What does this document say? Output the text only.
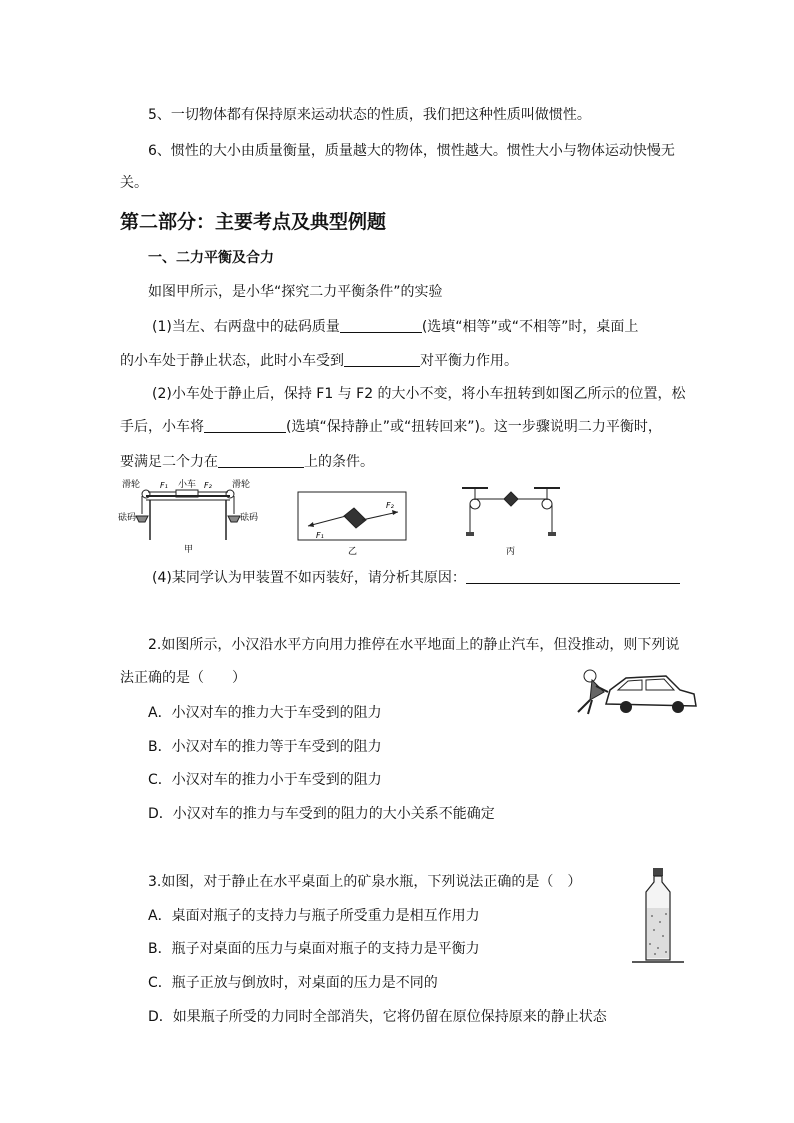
5、一切物体都有保持原来运动状态的性质，我们把这种性质叫做惯性。
6、惯性的大小由质量衡量，质量越大的物体，惯性越大。惯性大小与物体运动快慢无
关。
第二部分：主要考点及典型例题
一、二力平衡及合力
如图甲所示，是小华“探究二力平衡条件”的实验
(1)当左、右两盘中的砝码质量	(选填“相等”或“不相等”时，桌面上
的小车处于静止状态，此时小车受到	对平衡力作用。
(2)小车处于静止后，保持 F1 与 F2 的大小不变，将小车扭转到如图乙所示的位置，松
手后，小车将	(选填“保持静止”或“扭转回来”)。这一步骤说明二力平衡时，
要满足二个力在	上的条件。
滑轮	滑轮
小车
F₁	F₂
砝码	砝码
甲
F₁
F₂
乙	丙
(4)某同学认为甲装置不如丙装好，请分析其原因：
2.如图所示，小汉沿水平方向用力推停在水平地面上的静止汽车，但没推动，则下列说
法正确的是（　　）
A．小汉对车的推力大于车受到的阻力
B．小汉对车的推力等于车受到的阻力
C．小汉对车的推力小于车受到的阻力
D．小汉对车的推力与车受到的阻力的大小关系不能确定
3.如图，对于静止在水平桌面上的矿泉水瓶，下列说法正确的是（　）
A．桌面对瓶子的支持力与瓶子所受重力是相互作用力
B．瓶子对桌面的压力与桌面对瓶子的支持力是平衡力
C．瓶子正放与倒放时，对桌面的压力是不同的
D．如果瓶子所受的力同时全部消失，它将仍留在原位保持原来的静止状态
